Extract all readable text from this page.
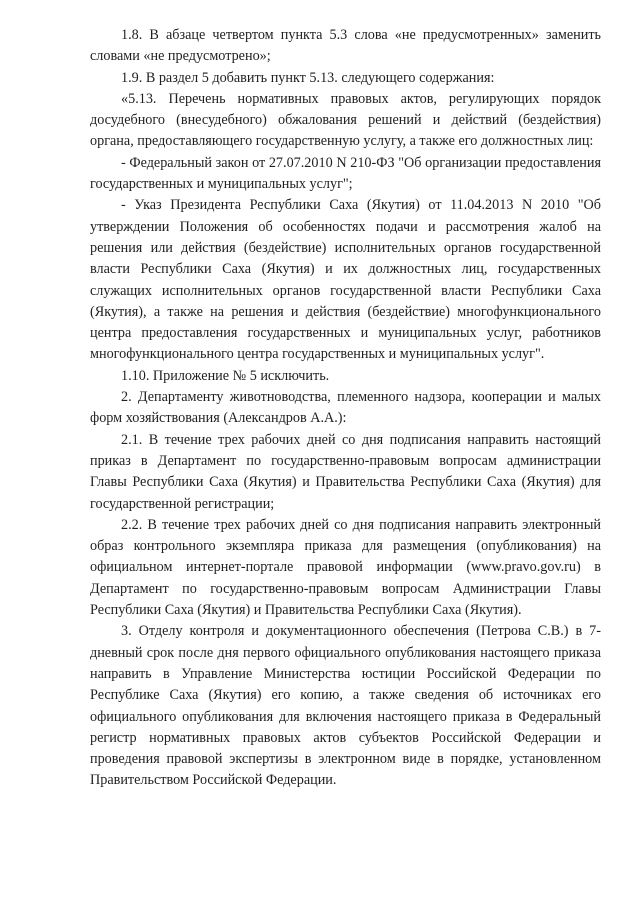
1.8. В абзаце четвертом пункта 5.3 слова «не предусмотренных» заменить словами «не предусмотрено»;

1.9. В раздел 5 добавить пункт 5.13. следующего содержания:

«5.13. Перечень нормативных правовых актов, регулирующих порядок досудебного (внесудебного) обжалования решений и действий (бездействия) органа, предоставляющего государственную услугу, а также его должностных лиц:

- Федеральный закон от 27.07.2010 N 210-ФЗ "Об организации предоставления государственных и муниципальных услуг";

- Указ Президента Республики Саха (Якутия) от 11.04.2013 N 2010 "Об утверждении Положения об особенностях подачи и рассмотрения жалоб на решения или действия (бездействие) исполнительных органов государственной власти Республики Саха (Якутия) и их должностных лиц, государственных служащих исполнительных органов государственной власти Республики Саха (Якутия), а также на решения и действия (бездействие) многофункционального центра предоставления государственных и муниципальных услуг, работников многофункционального центра государственных и муниципальных услуг".

1.10. Приложение № 5 исключить.

2. Департаменту животноводства, племенного надзора, кооперации и малых форм хозяйствования (Александров А.А.):

2.1. В течение трех рабочих дней со дня подписания направить настоящий приказ в Департамент по государственно-правовым вопросам администрации Главы Республики Саха (Якутия) и Правительства Республики Саха (Якутия) для государственной регистрации;

2.2. В течение трех рабочих дней со дня подписания направить электронный образ контрольного экземпляра приказа для размещения (опубликования) на официальном интернет-портале правовой информации (www.pravo.gov.ru) в Департамент по государственно-правовым вопросам Администрации Главы Республики Саха (Якутия) и Правительства Республики Саха (Якутия).

3. Отделу контроля и документационного обеспечения (Петрова С.В.) в 7-дневный срок после дня первого официального опубликования настоящего приказа направить в Управление Министерства юстиции Российской Федерации по Республике Саха (Якутия) его копию, а также сведения об источниках его официального опубликования для включения настоящего приказа в Федеральный регистр нормативных правовых актов субъектов Российской Федерации и проведения правовой экспертизы в электронном виде в порядке, установленном Правительством Российской Федерации.
